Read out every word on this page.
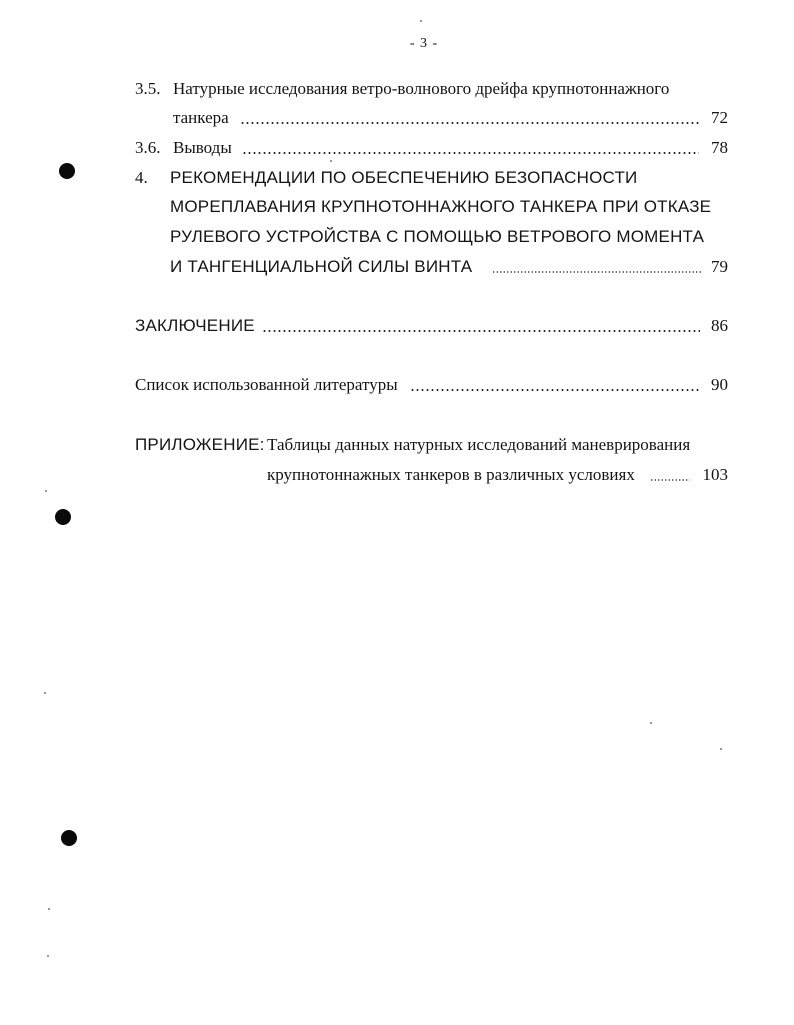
- 3 -
3.5. Натурные исследования ветро-волнового дрейфа крупнотоннажного
танкера	72
3.6. Выводы	78
4. РЕКОМЕНДАЦИИ ПО ОБЕСПЕЧЕНИЮ БЕЗОПАСНОСТИ
МОРЕПЛАВАНИЯ КРУПНОТОННАЖНОГО ТАНКЕРА ПРИ ОТКАЗЕ
РУЛЕВОГО УСТРОЙСТВА С ПОМОЩЬЮ ВЕТРОВОГО МОМЕНТА
И ТАНГЕНЦИАЛЬНОЙ СИЛЫ ВИНТА	79
ЗАКЛЮЧЕНИЕ	86
Список использованной литературы	90
ПРИЛОЖЕНИЕ: Таблицы данных натурных исследований маневрирования
крупнотоннажных танкеров в различных условиях	103
